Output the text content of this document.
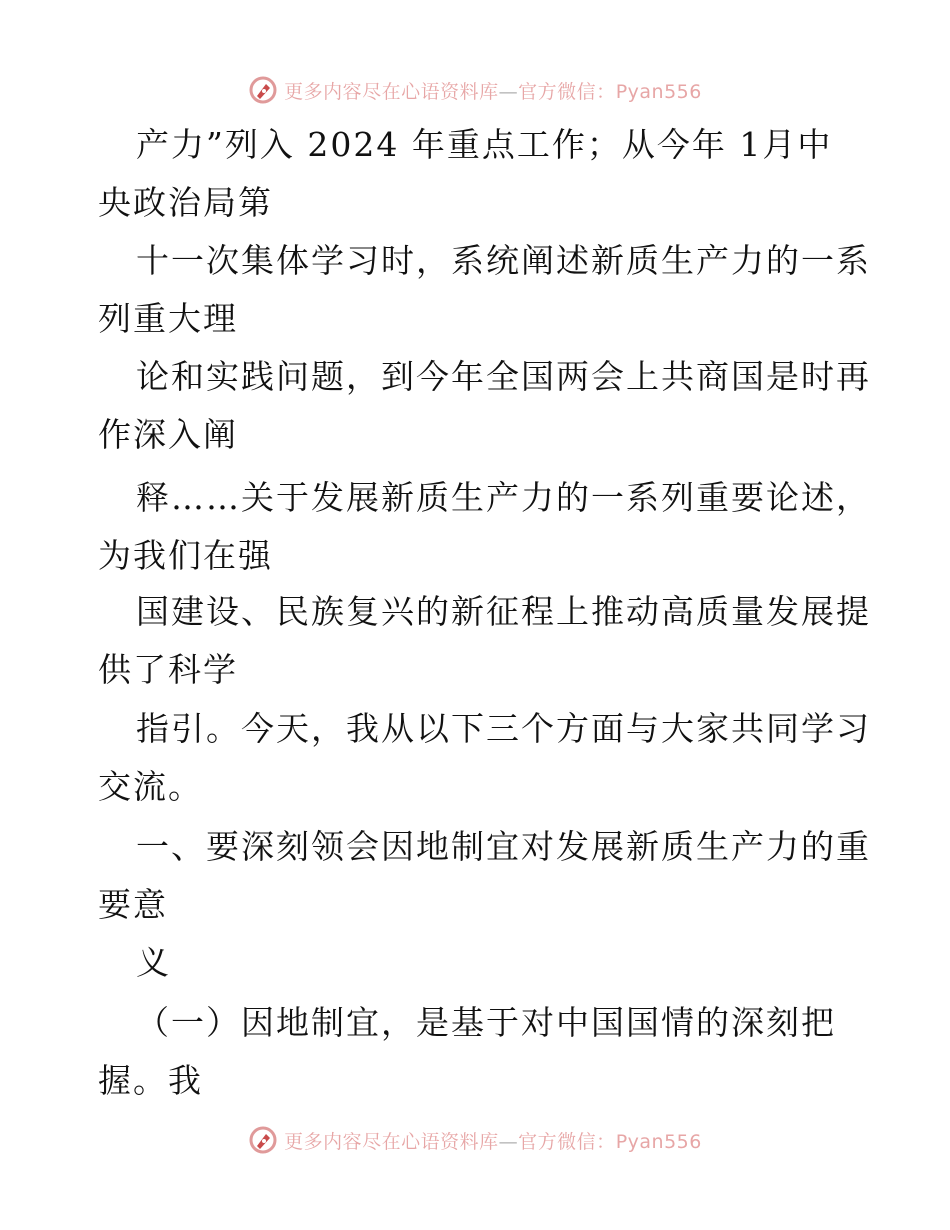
更多内容尽在心语资料库—官方微信：Pyan556
产力”列入 2024 年重点工作；从今年 1月中
央政治局第
十一次集体学习时，系统阐述新质生产力的一系
列重大理
论和实践问题，到今年全国两会上共商国是时再
作深入阐
释……关于发展新质生产力的一系列重要论述，
为我们在强
国建设、民族复兴的新征程上推动高质量发展提
供了科学
指引。今天，我从以下三个方面与大家共同学习
交流。
一、要深刻领会因地制宜对发展新质生产力的重
要意
义
（一）因地制宜，是基于对中国国情的深刻把
握。我
更多内容尽在心语资料库—官方微信：Pyan556
